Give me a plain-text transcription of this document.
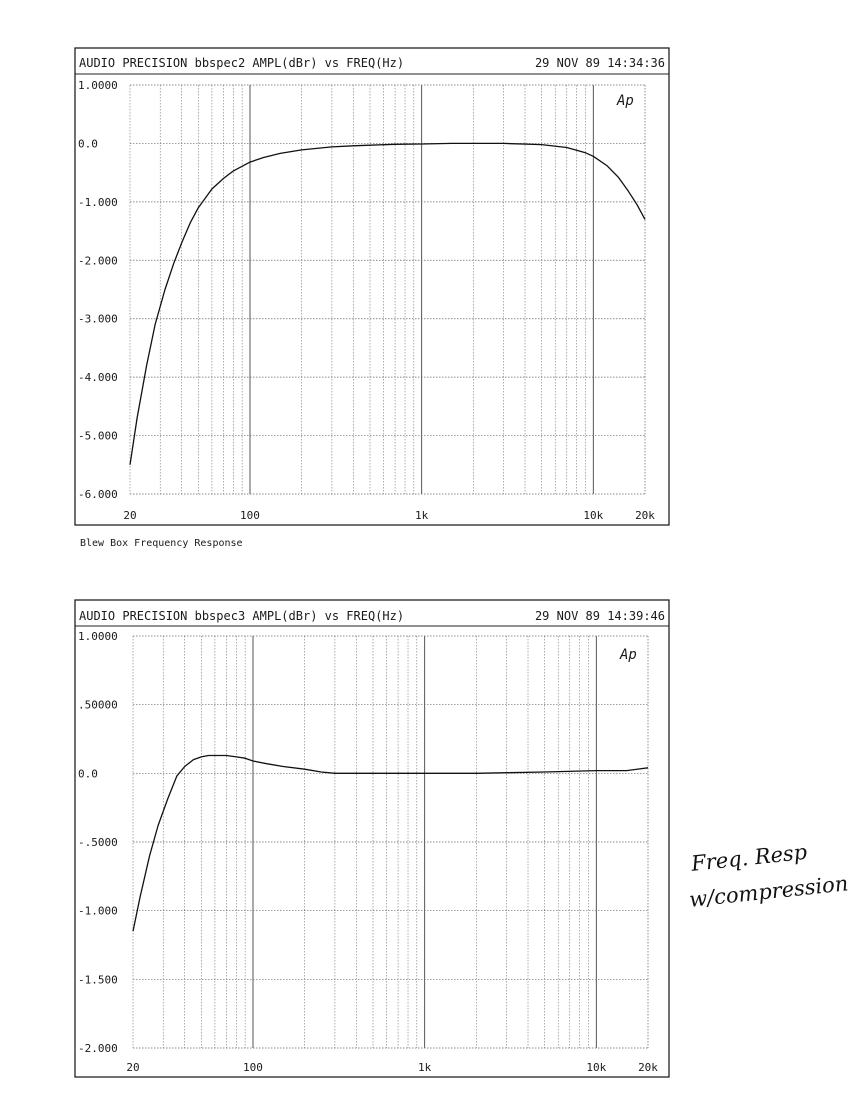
AUDIO PRECISION bbspec2 AMPL(dBr) vs FREQ(Hz)	29 NOV 89 14:34:36
1.0000
0.0
-1.000
-2.000
-3.000
-4.000
-5.000
-6.000
20	100	1k	10k	20k
Ap
AUDIO PRECISION bbspec3 AMPL(dBr) vs FREQ(Hz)	29 NOV 89 14:39:46
1.0000
.50000
0.0
-.5000
-1.000
-1.500
-2.000
20	100	1k	10k	20k
Ap
Blew Box Frequency Response
Freq. Resp
w/compression
